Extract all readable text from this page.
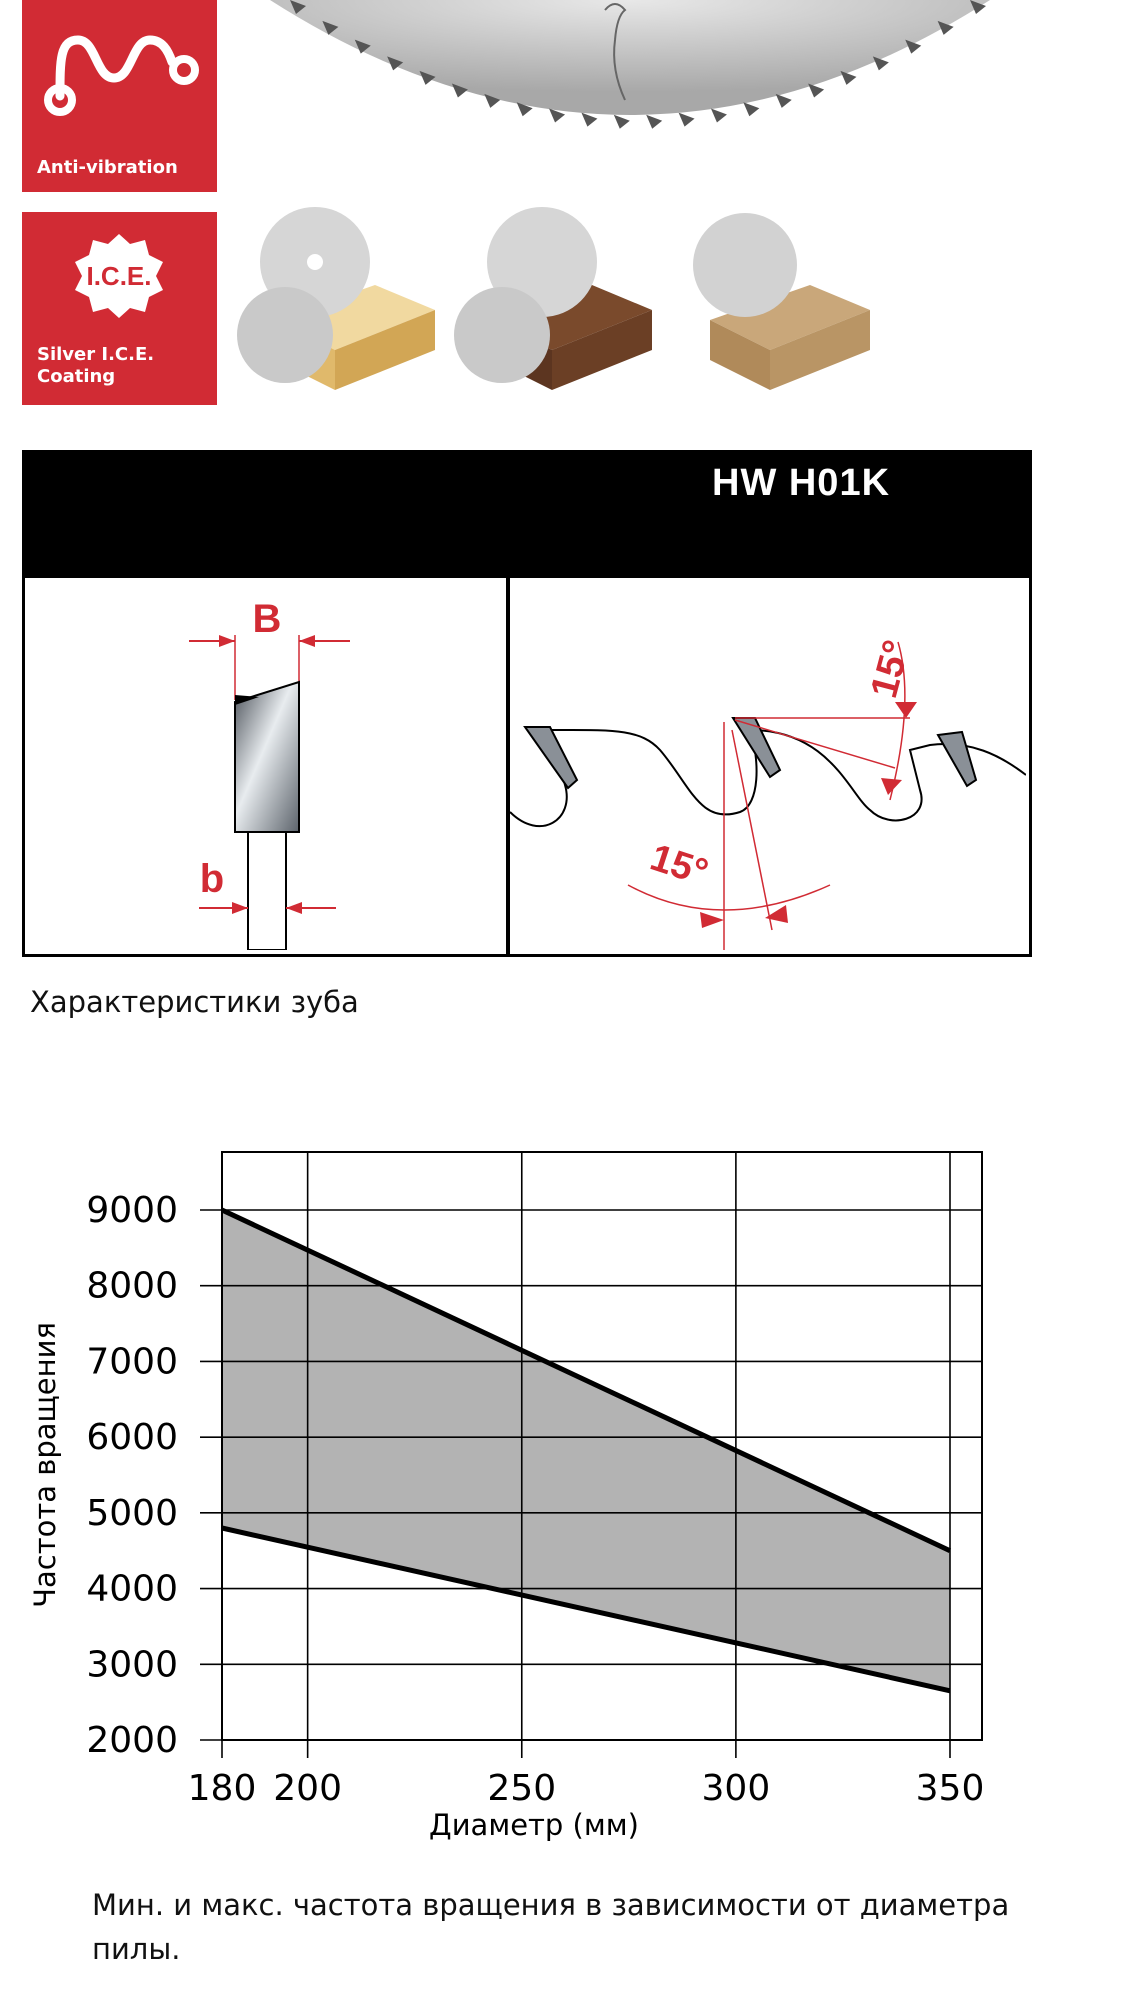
Anti-vibration
I.C.E.
Silver I.C.E.
Coating
HW H01K
B
b
15°
15°
Характеристики зуба
2000
3000
4000
5000
6000
7000
8000
9000
180 200	250	300	350
Частота вращения
Диаметр (мм)
Мин. и макс. частота вращения в зависимости от диаметра пилы.
